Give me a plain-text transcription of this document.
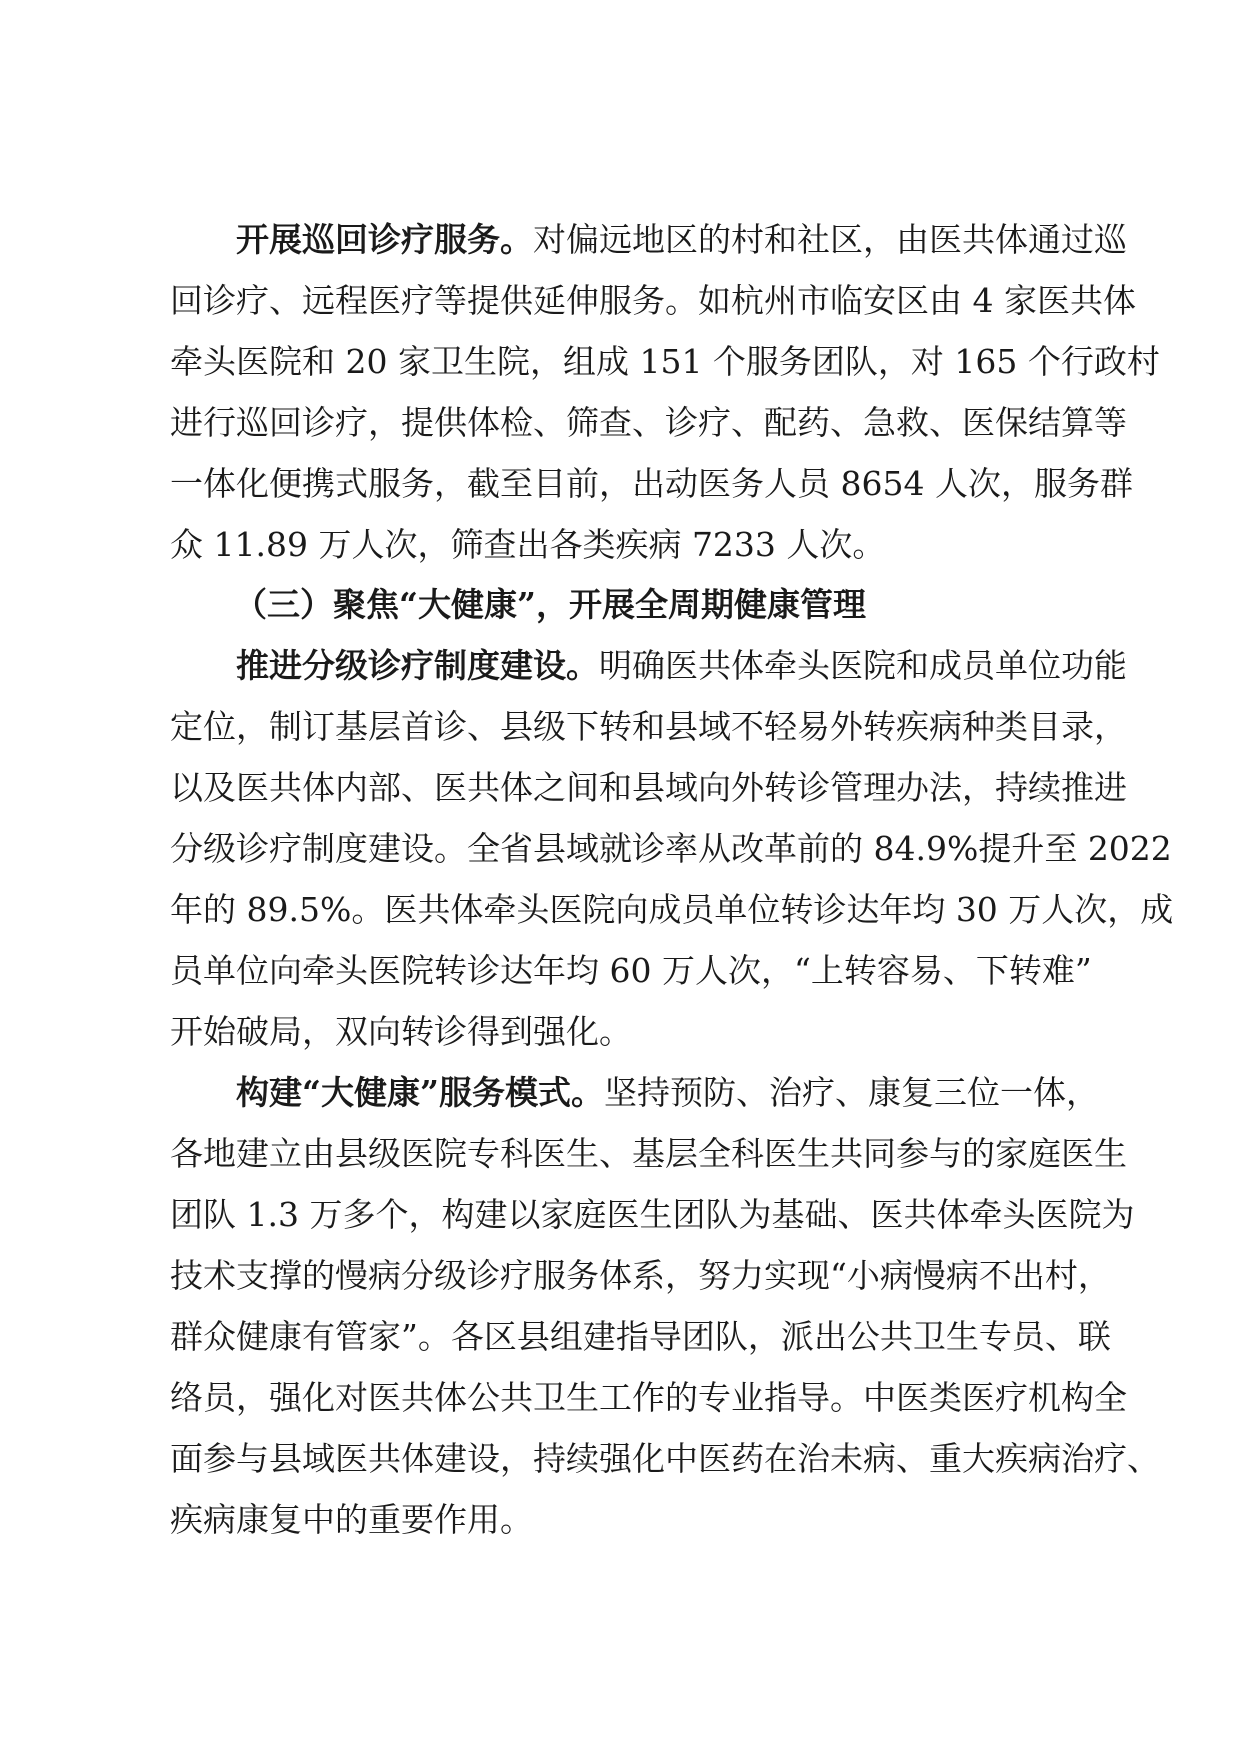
开展巡回诊疗服务。对偏远地区的村和社区，由医共体通过巡
回诊疗、远程医疗等提供延伸服务。如杭州市临安区由 4 家医共体
牵头医院和 20 家卫生院，组成 151 个服务团队，对 165 个行政村
进行巡回诊疗，提供体检、筛查、诊疗、配药、急救、医保结算等
一体化便携式服务，截至目前，出动医务人员 8654 人次，服务群
众 11.89 万人次，筛查出各类疾病 7233 人次。
（三）聚焦“大健康”，开展全周期健康管理
推进分级诊疗制度建设。明确医共体牵头医院和成员单位功能
定位，制订基层首诊、县级下转和县域不轻易外转疾病种类目录，
以及医共体内部、医共体之间和县域向外转诊管理办法，持续推进
分级诊疗制度建设。全省县域就诊率从改革前的 84.9%提升至 2022
年的 89.5%。医共体牵头医院向成员单位转诊达年均 30 万人次，成
员单位向牵头医院转诊达年均 60 万人次，“上转容易、下转难”
开始破局，双向转诊得到强化。
构建“大健康”服务模式。坚持预防、治疗、康复三位一体，
各地建立由县级医院专科医生、基层全科医生共同参与的家庭医生
团队 1.3 万多个，构建以家庭医生团队为基础、医共体牵头医院为
技术支撑的慢病分级诊疗服务体系，努力实现“小病慢病不出村，
群众健康有管家”。各区县组建指导团队，派出公共卫生专员、联
络员，强化对医共体公共卫生工作的专业指导。中医类医疗机构全
面参与县域医共体建设，持续强化中医药在治未病、重大疾病治疗、
疾病康复中的重要作用。
